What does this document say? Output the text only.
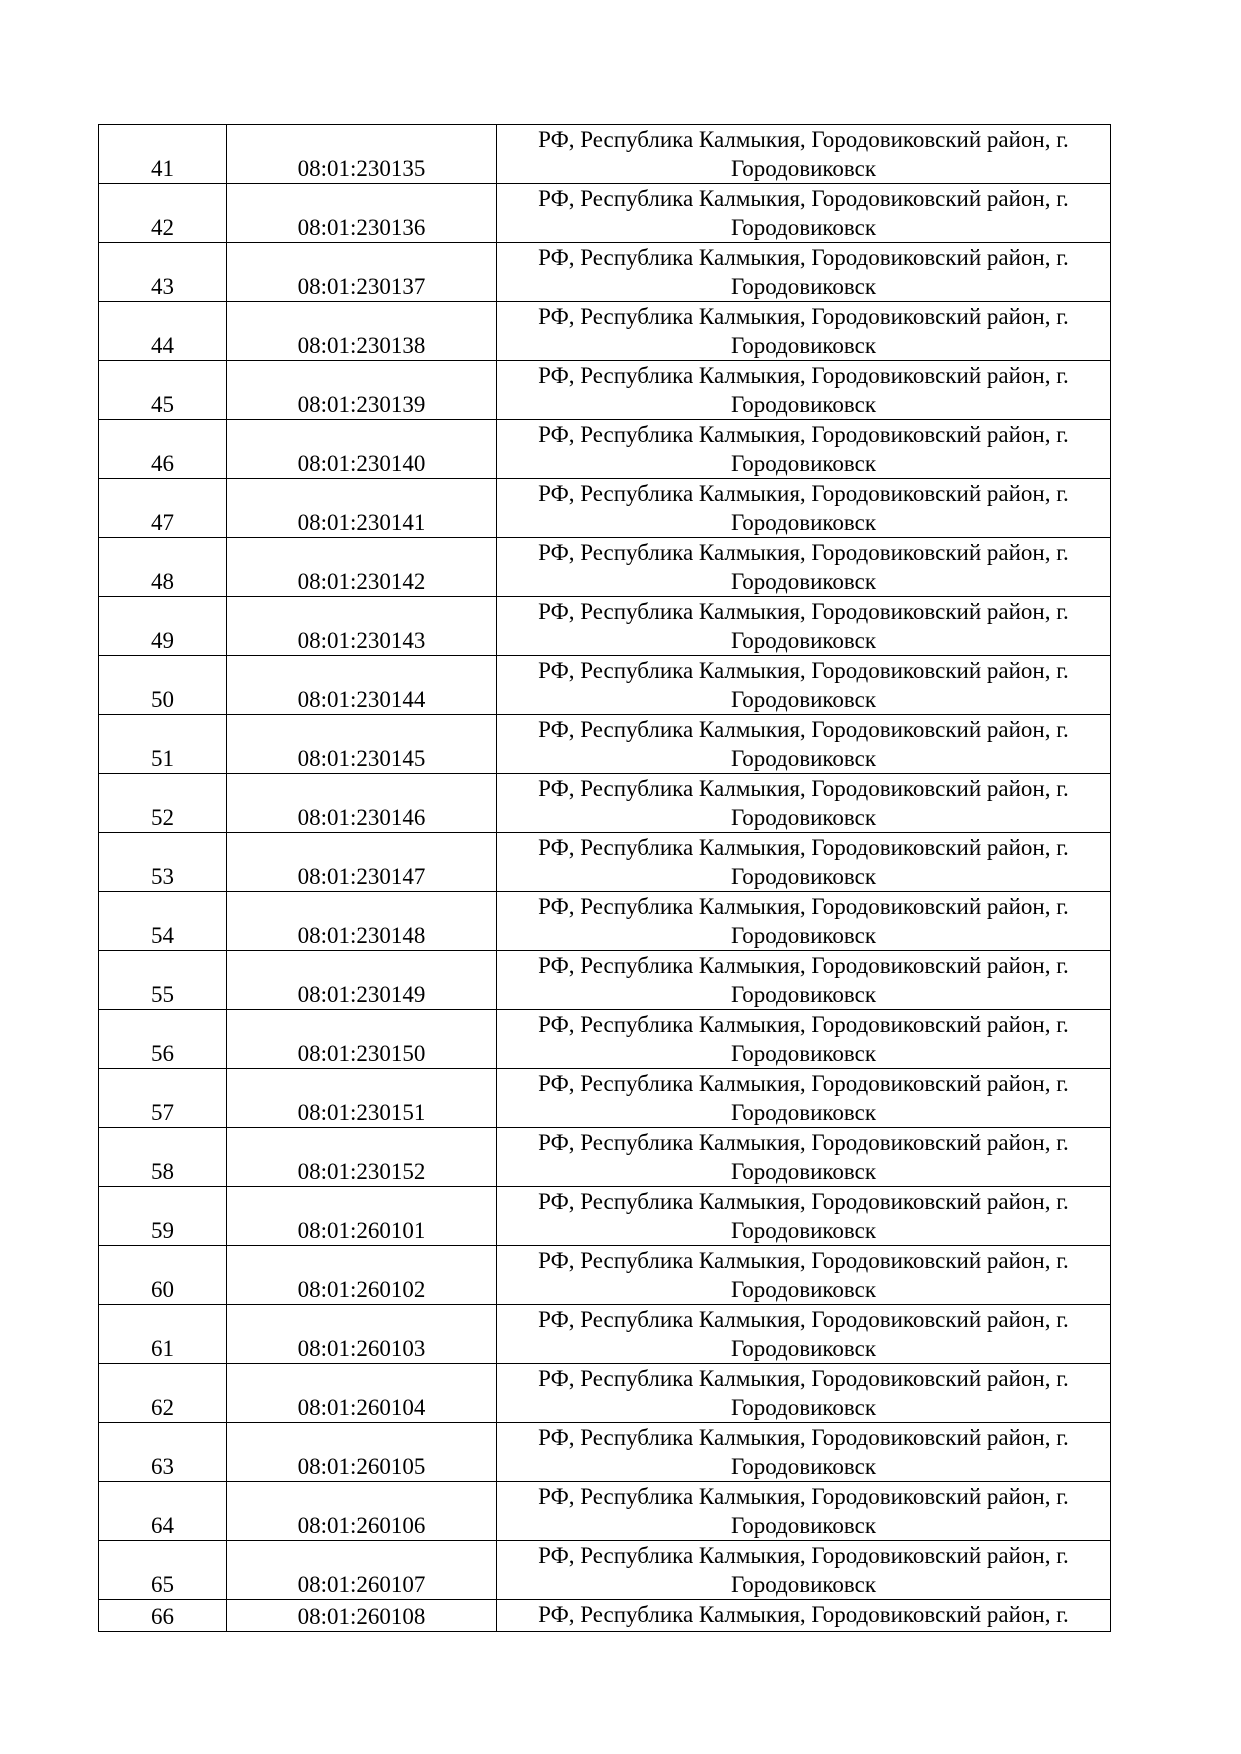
41	08:01:230135	РФ, Республика Калмыкия, Городовиковский район, г. Городовиковск
42	08:01:230136	РФ, Республика Калмыкия, Городовиковский район, г. Городовиковск
43	08:01:230137	РФ, Республика Калмыкия, Городовиковский район, г. Городовиковск
44	08:01:230138	РФ, Республика Калмыкия, Городовиковский район, г. Городовиковск
45	08:01:230139	РФ, Республика Калмыкия, Городовиковский район, г. Городовиковск
46	08:01:230140	РФ, Республика Калмыкия, Городовиковский район, г. Городовиковск
47	08:01:230141	РФ, Республика Калмыкия, Городовиковский район, г. Городовиковск
48	08:01:230142	РФ, Республика Калмыкия, Городовиковский район, г. Городовиковск
49	08:01:230143	РФ, Республика Калмыкия, Городовиковский район, г. Городовиковск
50	08:01:230144	РФ, Республика Калмыкия, Городовиковский район, г. Городовиковск
51	08:01:230145	РФ, Республика Калмыкия, Городовиковский район, г. Городовиковск
52	08:01:230146	РФ, Республика Калмыкия, Городовиковский район, г. Городовиковск
53	08:01:230147	РФ, Республика Калмыкия, Городовиковский район, г. Городовиковск
54	08:01:230148	РФ, Республика Калмыкия, Городовиковский район, г. Городовиковск
55	08:01:230149	РФ, Республика Калмыкия, Городовиковский район, г. Городовиковск
56	08:01:230150	РФ, Республика Калмыкия, Городовиковский район, г. Городовиковск
57	08:01:230151	РФ, Республика Калмыкия, Городовиковский район, г. Городовиковск
58	08:01:230152	РФ, Республика Калмыкия, Городовиковский район, г. Городовиковск
59	08:01:260101	РФ, Республика Калмыкия, Городовиковский район, г. Городовиковск
60	08:01:260102	РФ, Республика Калмыкия, Городовиковский район, г. Городовиковск
61	08:01:260103	РФ, Республика Калмыкия, Городовиковский район, г. Городовиковск
62	08:01:260104	РФ, Республика Калмыкия, Городовиковский район, г. Городовиковск
63	08:01:260105	РФ, Республика Калмыкия, Городовиковский район, г. Городовиковск
64	08:01:260106	РФ, Республика Калмыкия, Городовиковский район, г. Городовиковск
65	08:01:260107	РФ, Республика Калмыкия, Городовиковский район, г. Городовиковск
66	08:01:260108	РФ, Республика Калмыкия, Городовиковский район, г.
